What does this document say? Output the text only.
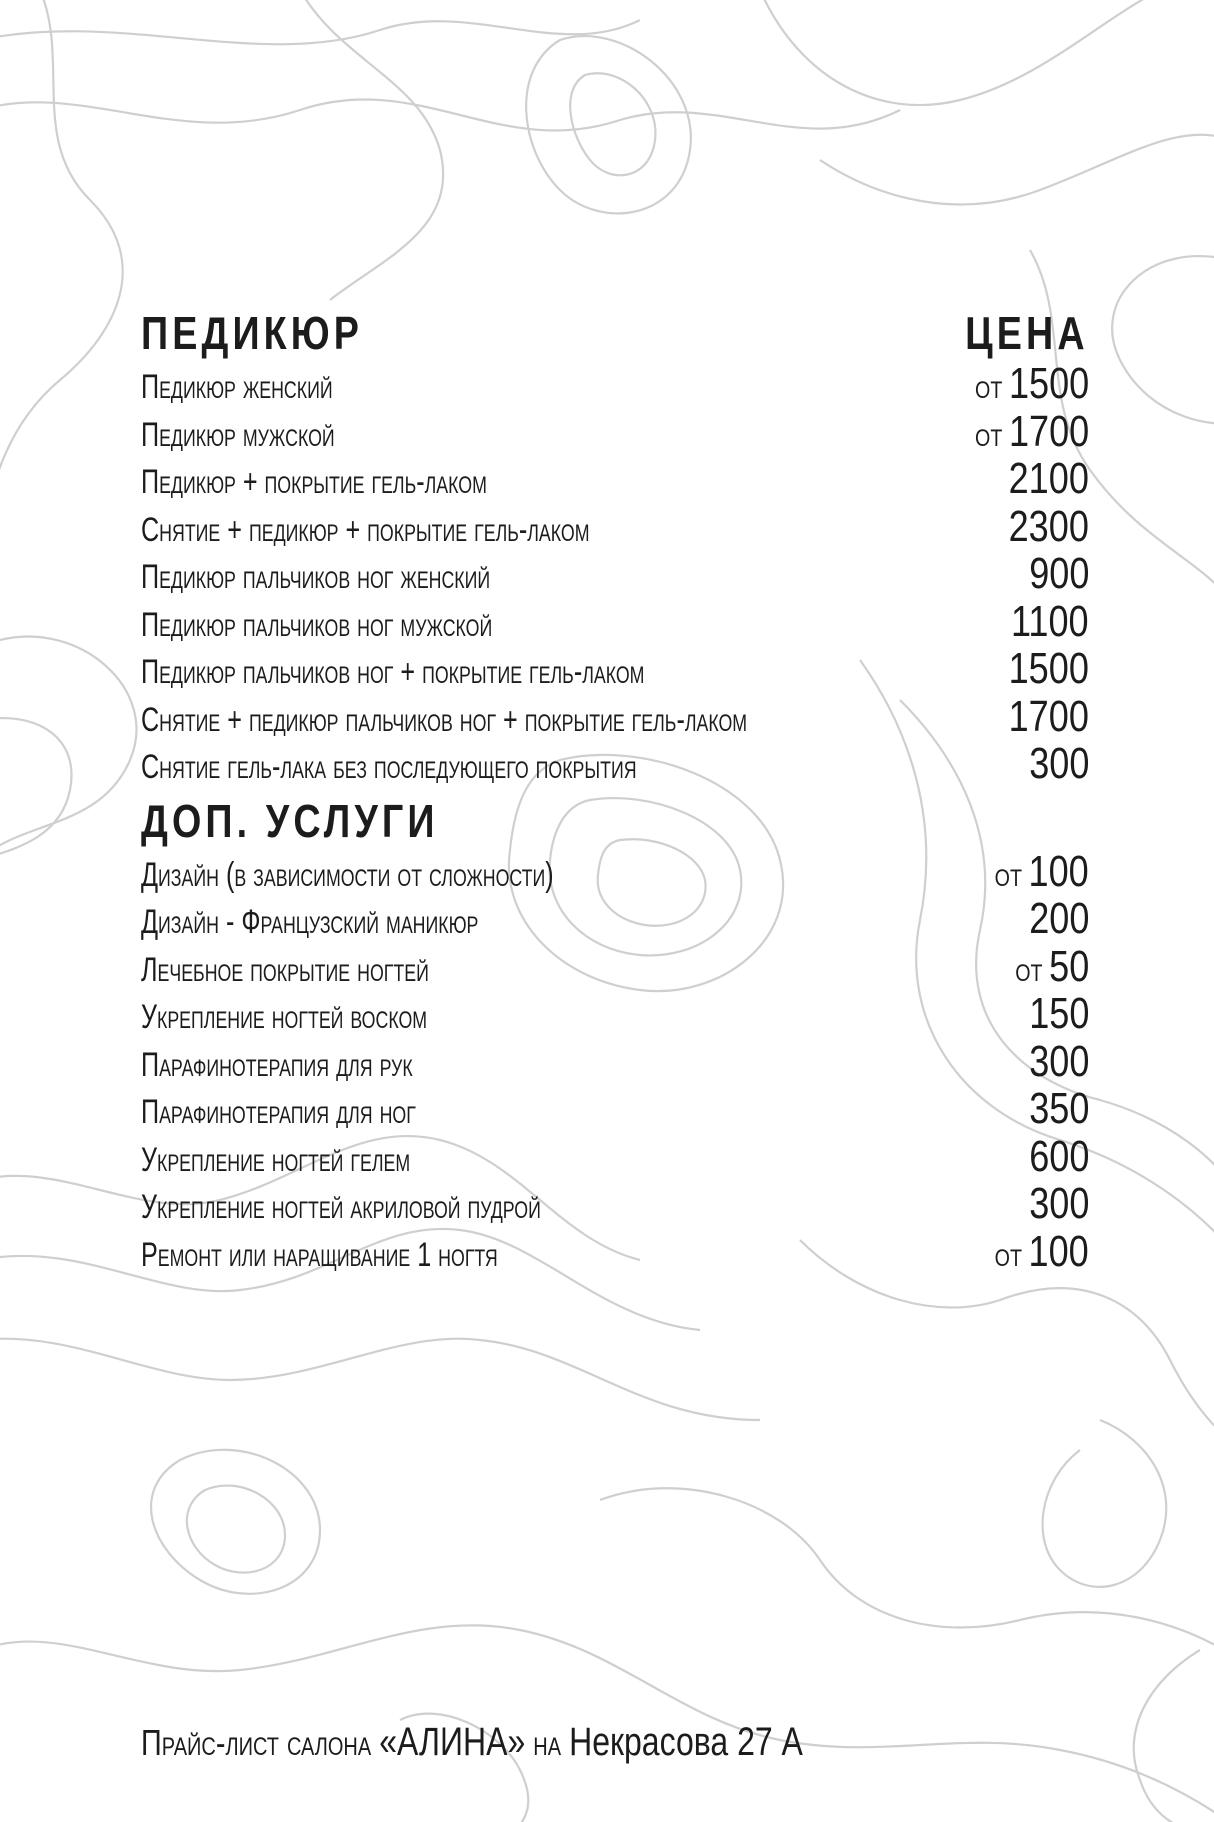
ПЕДИКЮР	ЦЕНА
Педикюр женский	от 1500
Педикюр мужской	от 1700
Педикюр + покрытие гель-лаком	2100
Снятие + педикюр + покрытие гель-лаком	2300
Педикюр пальчиков ног женский	900
Педикюр пальчиков ног мужской	1100
Педикюр пальчиков ног + покрытие гель-лаком	1500
Снятие + педикюр пальчиков ног + покрытие гель-лаком	1700
Снятие гель-лака без последующего покрытия	300
ДОП. УСЛУГИ
Дизайн (в зависимости от сложности)	от 100
Дизайн - Французский маникюр	200
Лечебное покрытие ногтей	от 50
Укрепление ногтей воском	150
Парафинотерапия для рук	300
Парафинотерапия для ног	350
Укрепление ногтей гелем	600
Укрепление ногтей акриловой пудрой	300
Ремонт или наращивание 1 ногтя	от 100
Прайс-лист салона «АЛИНА» на Некрасова 27 А
